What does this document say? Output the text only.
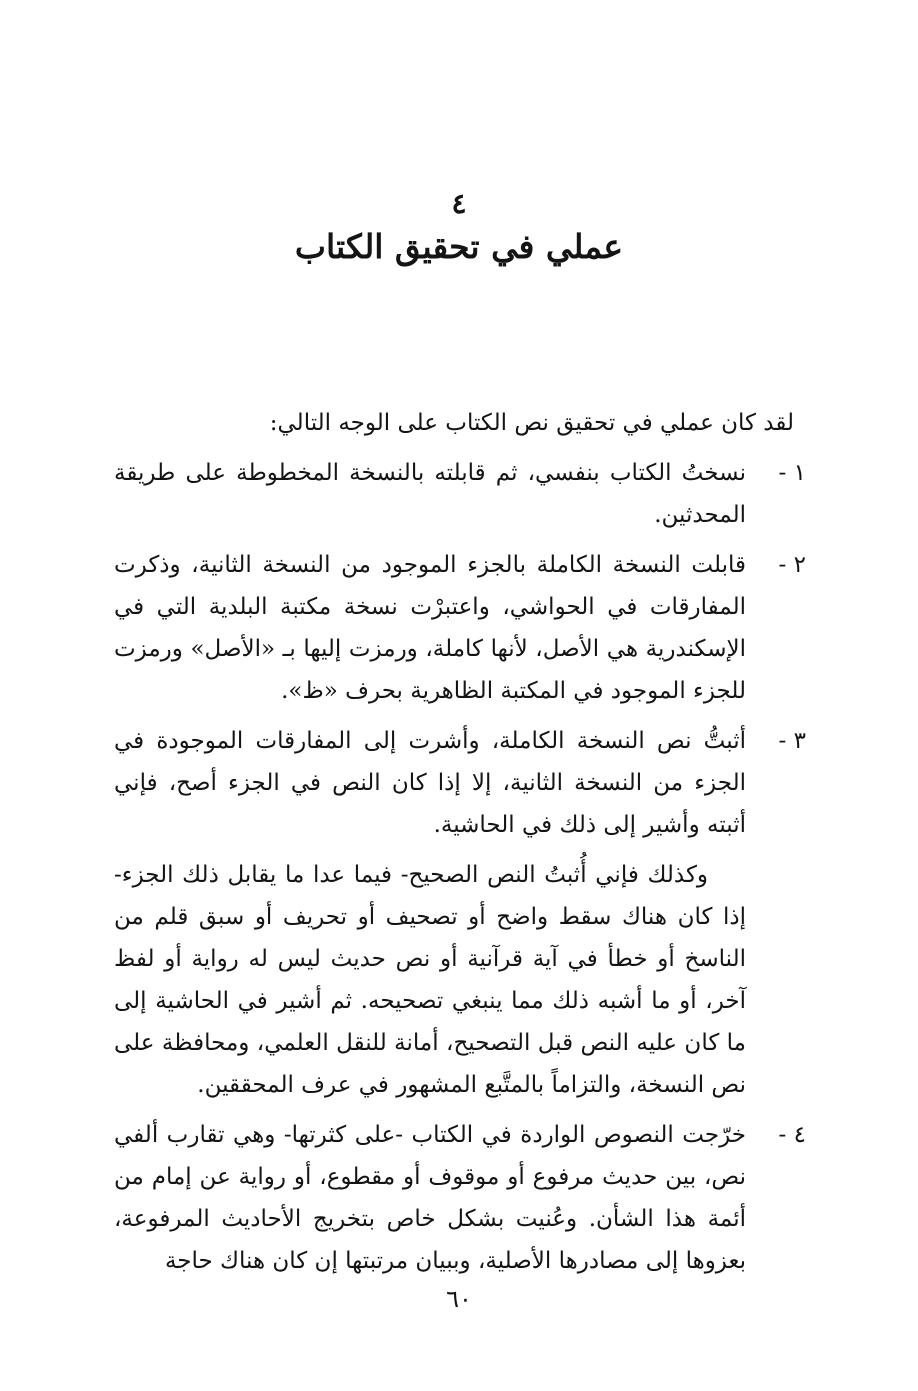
٤
عملي في تحقيق الكتاب

لقد كان عملي في تحقيق نص الكتاب على الوجه التالي:

١ -
نسختُ الكتاب بنفسي، ثم قابلته بالنسخة المخطوطة على طريقة المحدثين.
٢ -
قابلت النسخة الكاملة بالجزء الموجود من النسخة الثانية، وذكرت المفارقات في الحواشي، واعتبرْت نسخة مكتبة البلدية التي في الإسكندرية هي الأصل، لأنها كاملة، ورمزت إليها بـ «الأصل» ورمزت للجزء الموجود في المكتبة الظاهرية بحرف «ظ».
٣ -
أثبتُّ نص النسخة الكاملة، وأشرت إلى المفارقات الموجودة في الجزء من النسخة الثانية، إلا إذا كان النص في الجزء أصح، فإني أثبته وأشير إلى ذلك في الحاشية.

وكذلك فإني أُثبتُ النص الصحيح- فيما عدا ما يقابل ذلك الجزء- إذا كان هناك سقط واضح أو تصحيف أو تحريف أو سبق قلم من الناسخ أو خطأ في آية قرآنية أو نص حديث ليس له رواية أو لفظ آخر، أو ما أشبه ذلك مما ينبغي تصحيحه. ثم أشير في الحاشية إلى ما كان عليه النص قبل التصحيح، أمانة للنقل العلمي، ومحافظة على نص النسخة، والتزاماً بالمتَّبع المشهور في عرف المحققين.

٤ -
خرّجت النصوص الواردة في الكتاب -على كثرتها- وهي تقارب ألفي نص، بين حديث مرفوع أو موقوف أو مقطوع، أو رواية عن إمام من أئمة هذا الشأن. وعُنيت بشكل خاص بتخريج الأحاديث المرفوعة، بعزوها إلى مصادرها الأصلية، وببيان مرتبتها إن كان هناك حاجة
٦٠
